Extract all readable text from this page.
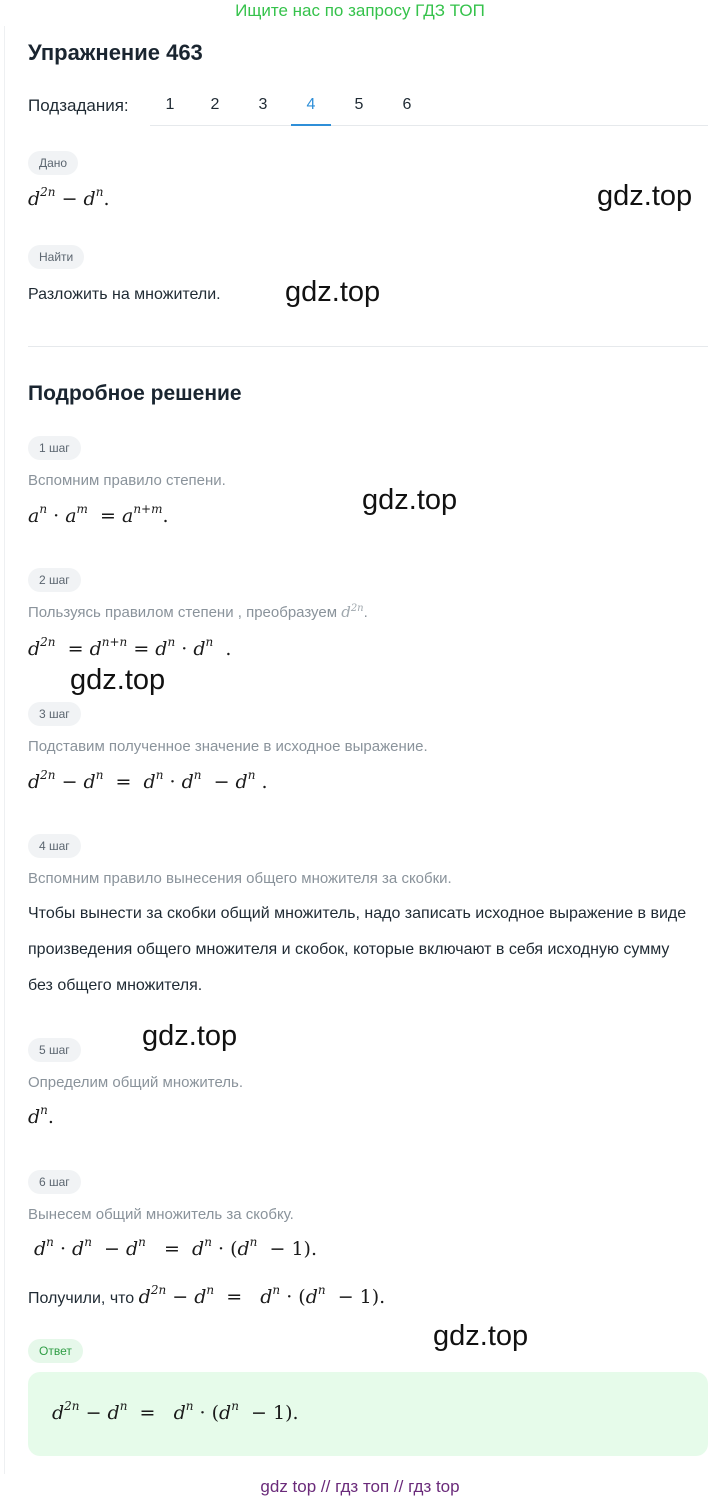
Ищите нас по запросу ГДЗ ТОП
Упражнение 463
Подзадания:	1	2	3	4	5	6
Дано
$d^{2n} - d^n$.
Найти
Разложить на множители.
Подробное решение
1 шаг
Вспомним правило степени.
$a^n \cdot a^m = a^{n+m}$.
2 шаг
Пользуясь правилом степени , преобразуем $d^{2n}$.
$d^{2n} = d^{n+n} = d^n \cdot d^n$ .
3 шаг
Подставим полученное значение в исходное выражение.
$d^{2n} - d^n = d^n \cdot d^n - d^n$ .
4 шаг
Вспомним правило вынесения общего множителя за скобки.
Чтобы вынести за скобки общий множитель, надо записать исходное выражение в виде произведения общего множителя и скобок, которые включают в себя исходную сумму без общего множителя.
5 шаг
Определим общий множитель.
$d^n$.
6 шаг
Вынесем общий множитель за скобку.
$d^n \cdot d^n - d^n = d^n \cdot (d^n - 1)$.
Получили, что $d^{2n} - d^n = d^n \cdot (d^n - 1)$.
Ответ
$d^{2n} - d^n = d^n \cdot (d^n - 1)$.
gdz.top
gdz.top
gdz.top
gdz.top
gdz.top
gdz.top
gdz top // гдз топ // гдз top
